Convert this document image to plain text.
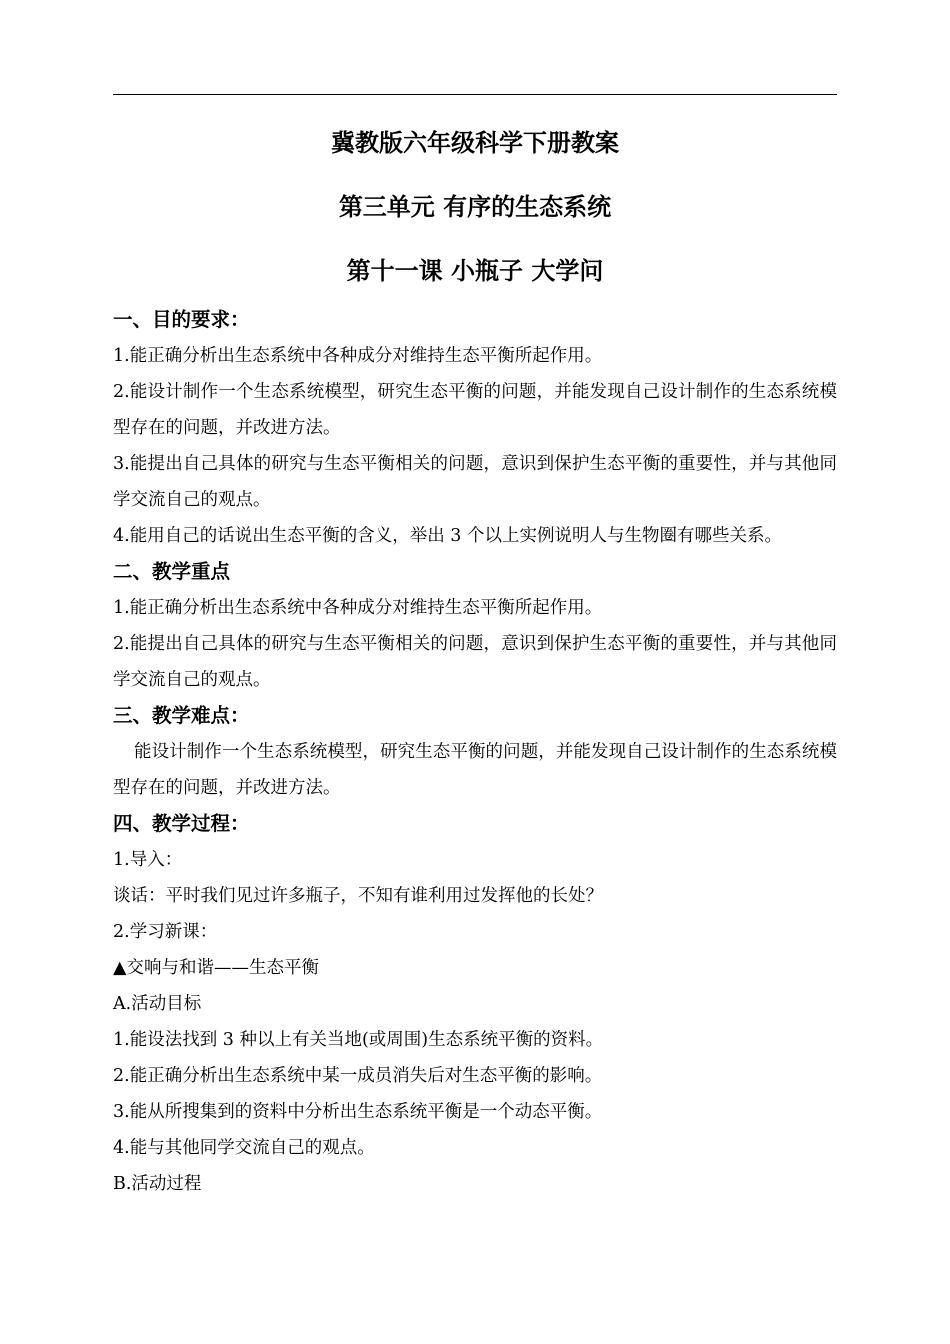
冀教版六年级科学下册教案

第三单元 有序的生态系统

第十一课 小瓶子 大学问

一、目的要求：

1.能正确分析出生态系统中各种成分对维持生态平衡所起作用。

2.能设计制作一个生态系统模型，研究生态平衡的问题，并能发现自己设计制作的生态系统模型存在的问题，并改进方法。

3.能提出自己具体的研究与生态平衡相关的问题，意识到保护生态平衡的重要性，并与其他同学交流自己的观点。

4.能用自己的话说出生态平衡的含义，举出 3 个以上实例说明人与生物圈有哪些关系。

二、教学重点

1.能正确分析出生态系统中各种成分对维持生态平衡所起作用。

2.能提出自己具体的研究与生态平衡相关的问题，意识到保护生态平衡的重要性，并与其他同学交流自己的观点。

三、教学难点：

能设计制作一个生态系统模型，研究生态平衡的问题，并能发现自己设计制作的生态系统模型存在的问题，并改进方法。

四、教学过程：

1.导入：

谈话：平时我们见过许多瓶子，不知有谁利用过发挥他的长处？

2.学习新课：

▲交响与和谐——生态平衡

A.活动目标

1.能设法找到 3 种以上有关当地(或周围)生态系统平衡的资料。

2.能正确分析出生态系统中某一成员消失后对生态平衡的影响。

3.能从所搜集到的资料中分析出生态系统平衡是一个动态平衡。

4.能与其他同学交流自己的观点。

B.活动过程
